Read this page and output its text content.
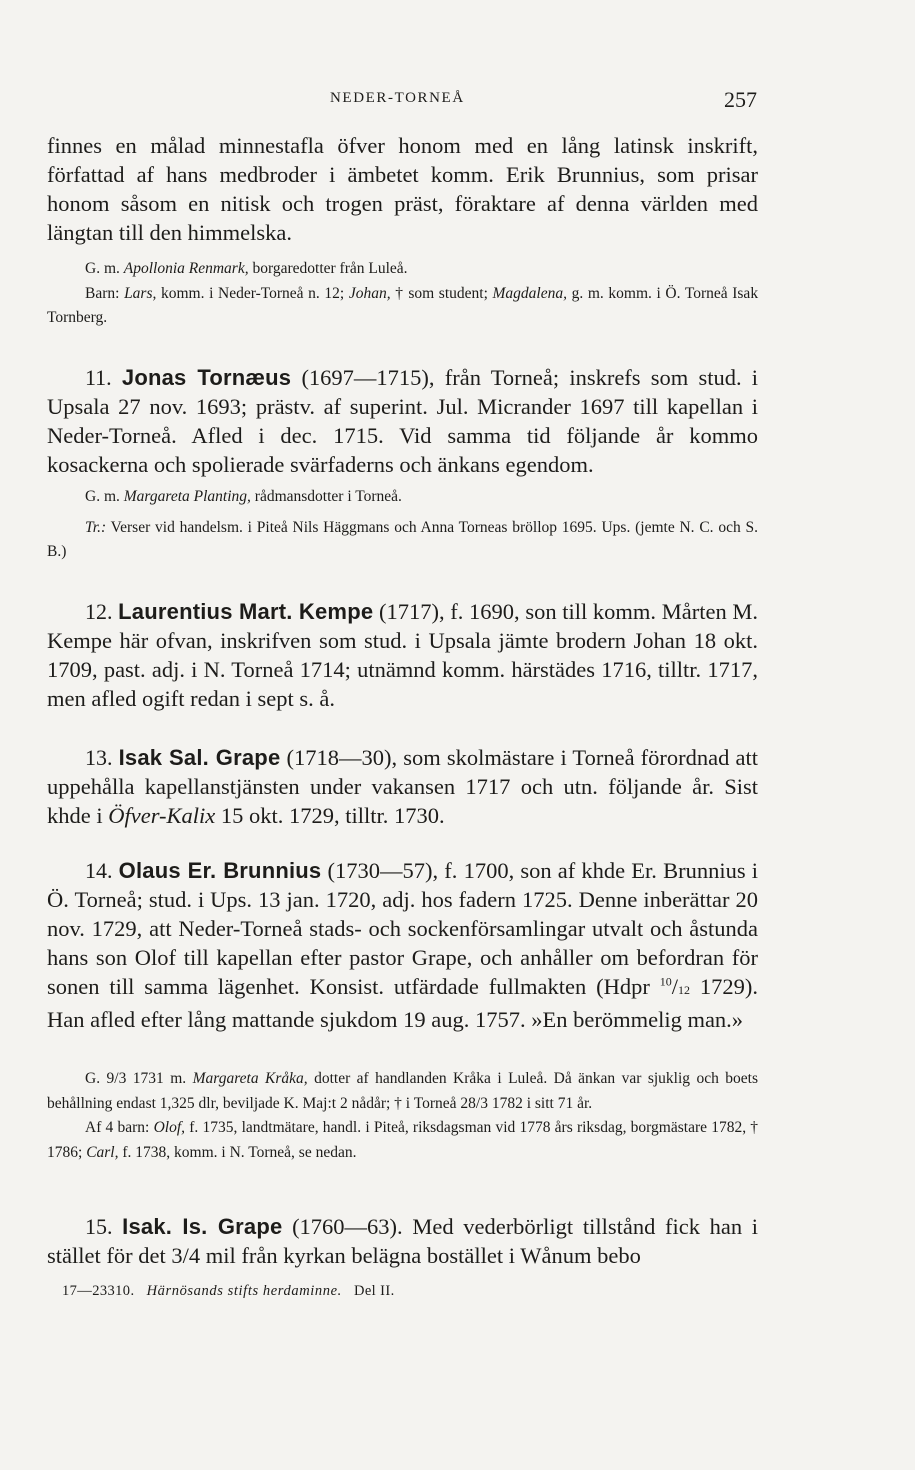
NEDER-TORNEÅ	257

finnes en målad minnestafla öfver honom med en lång latinsk inskrift, författad af hans medbroder i ämbetet komm. Erik Brunnius, som prisar honom såsom en nitisk och trogen präst, föraktare af denna världen med längtan till den himmelska.

G. m. Apollonia Renmark, borgaredotter från Luleå.

Barn: Lars, komm. i Neder-Torneå n. 12; Johan, † som student; Magdalena, g. m. komm. i Ö. Torneå Isak Tornberg.

11. Jonas Tornæus (1697—1715), från Torneå; inskrefs som stud. i Upsala 27 nov. 1693; prästv. af superint. Jul. Micrander 1697 till kapellan i Neder-Torneå. Afled i dec. 1715. Vid samma tid följande år kommo kosackerna och spolierade svärfaderns och änkans egendom.

G. m. Margareta Planting, rådmansdotter i Torneå.

Tr.: Verser vid handelsm. i Piteå Nils Häggmans och Anna Torneas bröllop 1695. Ups. (jemte N. C. och S. B.)

12. Laurentius Mart. Kempe (1717), f. 1690, son till komm. Mårten M. Kempe här ofvan, inskrifven som stud. i Upsala jämte brodern Johan 18 okt. 1709, past. adj. i N. Torneå 1714; utnämnd komm. härstädes 1716, tilltr. 1717, men afled ogift redan i sept s. å.

13. Isak Sal. Grape (1718—30), som skolmästare i Torneå förordnad att uppehålla kapellanstjänsten under vakansen 1717 och utn. följande år. Sist khde i Öfver-Kalix 15 okt. 1729, tilltr. 1730.

14. Olaus Er. Brunnius (1730—57), f. 1700, son af khde Er. Brunnius i Ö. Torneå; stud. i Ups. 13 jan. 1720, adj. hos fadern 1725. Denne inberättar 20 nov. 1729, att Neder-Torneå stads- och sockenförsamlingar utvalt och åstunda hans son Olof till kapellan efter pastor Grape, och anhåller om befordran för sonen till samma lägenhet. Konsist. utfärdade fullmakten (Hdpr $^{10}$/12 1729). Han afled efter lång mattande sjukdom 19 aug. 1757. »En berömmelig man.»

G. 9/3 1731 m. Margareta Kråka, dotter af handlanden Kråka i Luleå. Då änkan var sjuklig och boets behållning endast 1,325 dlr, beviljade K. Maj:t 2 nådår; † i Torneå 28/3 1782 i sitt 71 år.

Af 4 barn: Olof, f. 1735, landtmätare, handl. i Piteå, riksdagsman vid 1778 års riksdag, borgmästare 1782, † 1786; Carl, f. 1738, komm. i N. Torneå, se nedan.

15. Isak. Is. Grape (1760—63). Med vederbörligt tillstånd fick han i stället för det 3/4 mil från kyrkan belägna bostället i Wånum bebo

17—23310. Härnösands stifts herdaminne. Del II.
